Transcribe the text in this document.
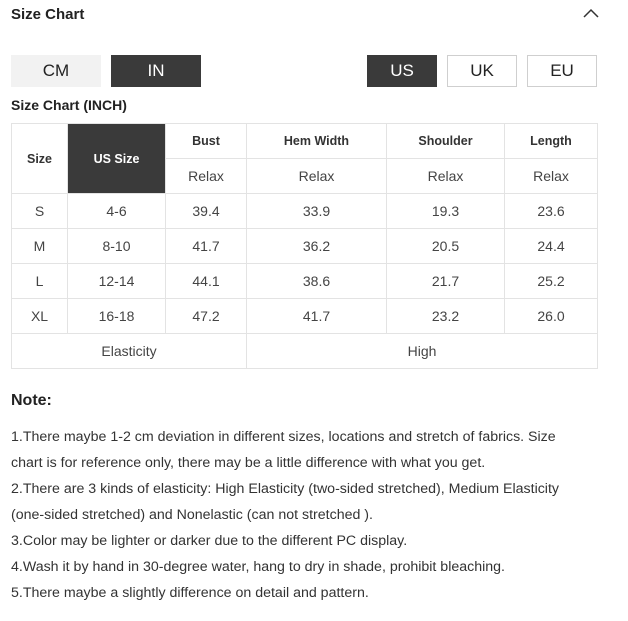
Size Chart
CM	IN	US	UK	EU
Size Chart (INCH)
Size	US Size	Bust	Hem Width	Shoulder	Length
		Relax	Relax	Relax	Relax
S	4-6	39.4	33.9	19.3	23.6
M	8-10	41.7	36.2	20.5	24.4
L	12-14	44.1	38.6	21.7	25.2
XL	16-18	47.2	41.7	23.2	26.0
Elasticity			High		
Note:

1.There maybe 1-2 cm deviation in different sizes, locations and stretch of fabrics. Size

chart is for reference only, there may be a little difference with what you get.

2.There are 3 kinds of elasticity: High Elasticity (two-sided stretched), Medium Elasticity

(one-sided stretched) and Nonelastic (can not stretched ).

3.Color may be lighter or darker due to the different PC display.

4.Wash it by hand in 30-degree water, hang to dry in shade, prohibit bleaching.

5.There maybe a slightly difference on detail and pattern.
